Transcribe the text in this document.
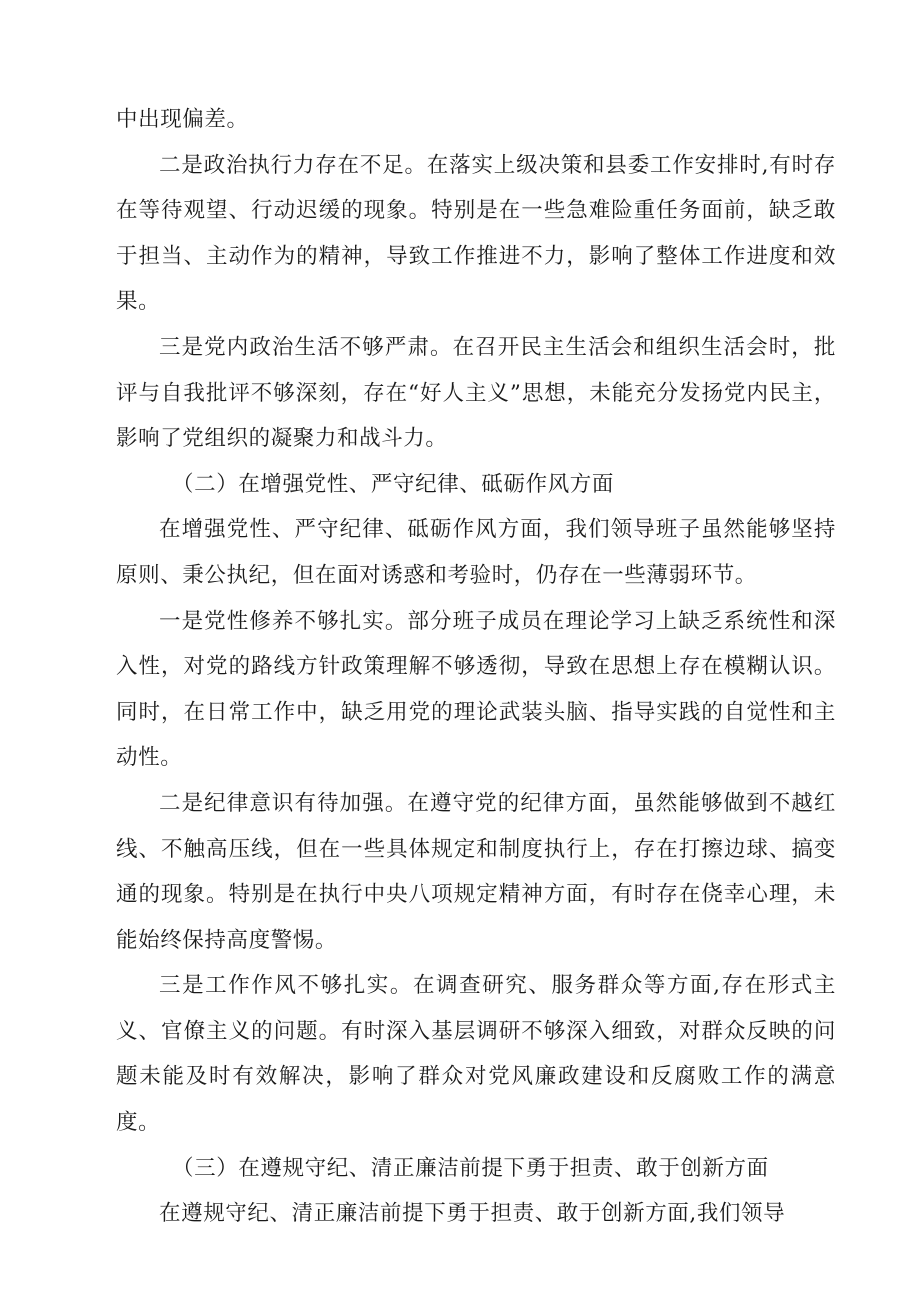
中出现偏差。

二是政治执行力存在不足。在落实上级决策和县委工作安排时,有时存在等待观望、行动迟缓的现象。特别是在一些急难险重任务面前，缺乏敢于担当、主动作为的精神，导致工作推进不力，影响了整体工作进度和效果。

三是党内政治生活不够严肃。在召开民主生活会和组织生活会时，批评与自我批评不够深刻，存在“好人主义”思想，未能充分发扬党内民主，影响了党组织的凝聚力和战斗力。

（二）在增强党性、严守纪律、砥砺作风方面

在增强党性、严守纪律、砥砺作风方面，我们领导班子虽然能够坚持原则、秉公执纪，但在面对诱惑和考验时，仍存在一些薄弱环节。

一是党性修养不够扎实。部分班子成员在理论学习上缺乏系统性和深入性，对党的路线方针政策理解不够透彻，导致在思想上存在模糊认识。同时，在日常工作中，缺乏用党的理论武装头脑、指导实践的自觉性和主动性。

二是纪律意识有待加强。在遵守党的纪律方面，虽然能够做到不越红线、不触高压线，但在一些具体规定和制度执行上，存在打擦边球、搞变通的现象。特别是在执行中央八项规定精神方面，有时存在侥幸心理，未能始终保持高度警惕。

三是工作作风不够扎实。在调查研究、服务群众等方面,存在形式主义、官僚主义的问题。有时深入基层调研不够深入细致，对群众反映的问题未能及时有效解决，影响了群众对党风廉政建设和反腐败工作的满意度。

（三）在遵规守纪、清正廉洁前提下勇于担责、敢于创新方面

在遵规守纪、清正廉洁前提下勇于担责、敢于创新方面,我们领导
